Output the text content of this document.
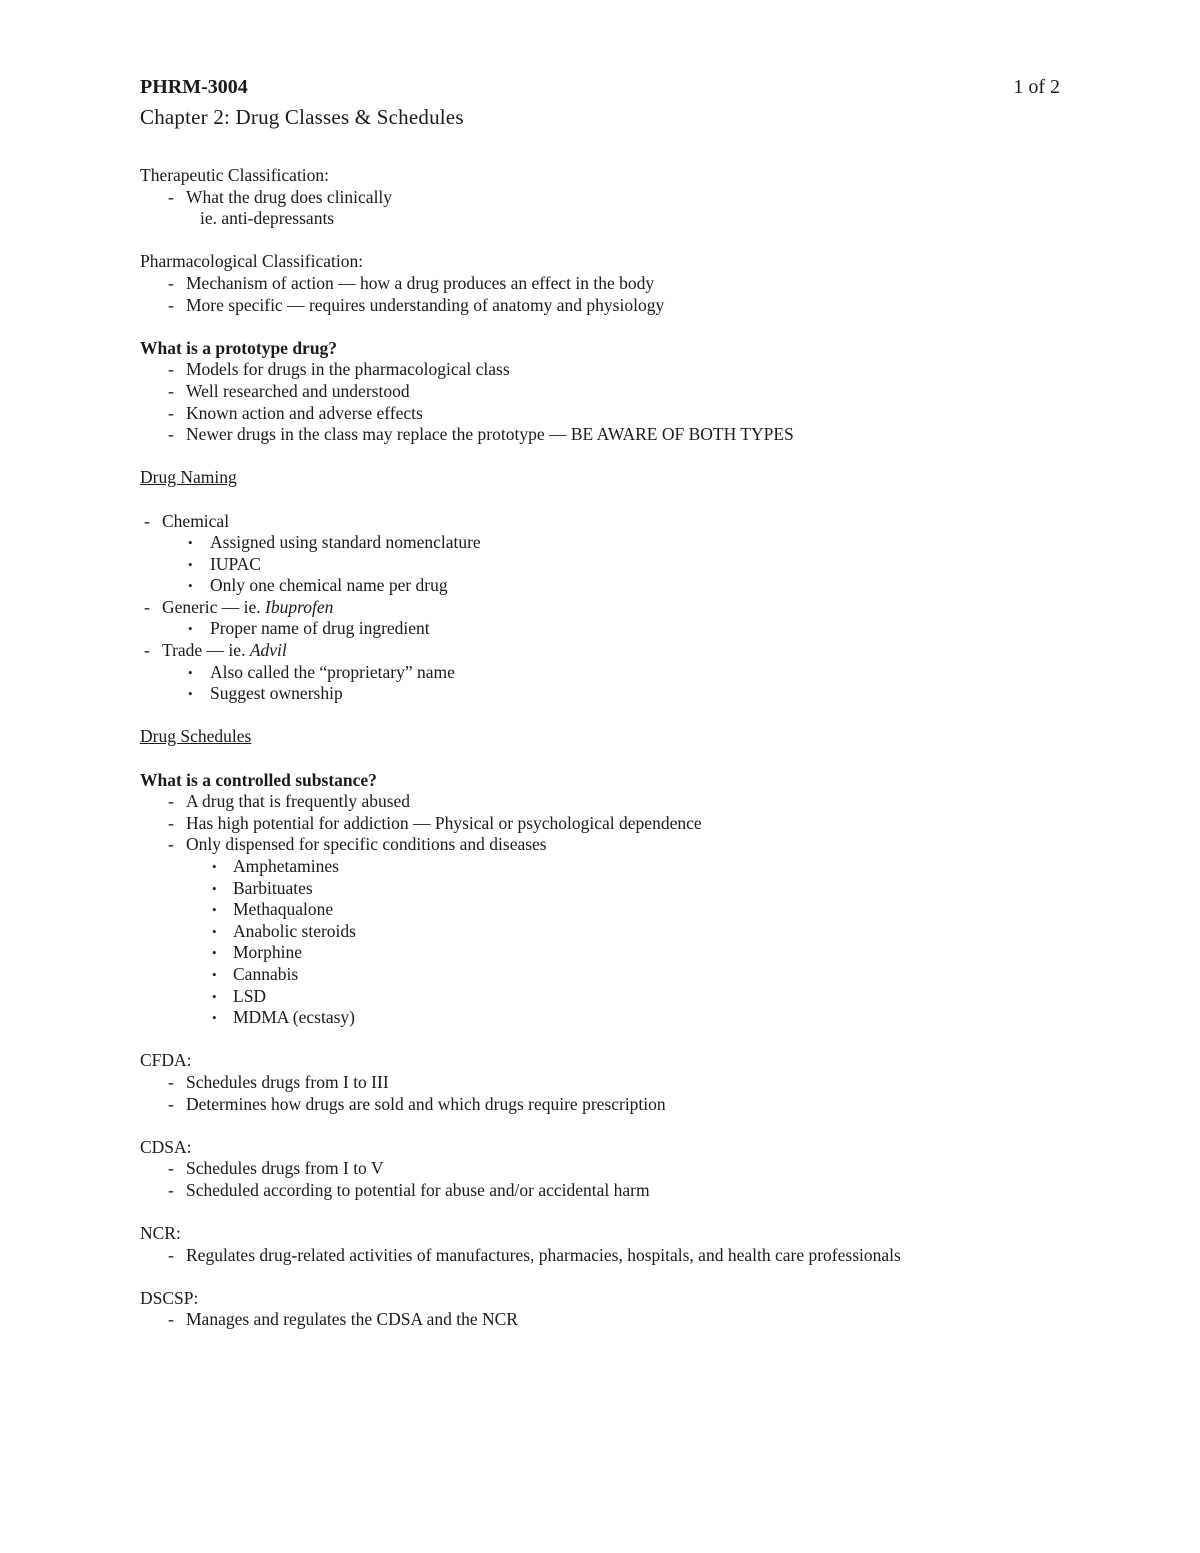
PHRM-3004	1 of 2
Chapter 2: Drug Classes & Schedules
Therapeutic Classification:
- What the drug does clinically
ie. anti-depressants
Pharmacological Classification:
- Mechanism of action — how a drug produces an effect in the body
- More specific — requires understanding of anatomy and physiology
What is a prototype drug?
- Models for drugs in the pharmacological class
- Well researched and understood
- Known action and adverse effects
- Newer drugs in the class may replace the prototype — BE AWARE OF BOTH TYPES
Drug Naming
- Chemical
• Assigned using standard nomenclature
• IUPAC
• Only one chemical name per drug
- Generic — ie. Ibuprofen
• Proper name of drug ingredient
- Trade — ie. Advil
• Also called the “proprietary” name
• Suggest ownership
Drug Schedules
What is a controlled substance?
- A drug that is frequently abused
- Has high potential for addiction — Physical or psychological dependence
- Only dispensed for specific conditions and diseases
• Amphetamines
• Barbituates
• Methaqualone
• Anabolic steroids
• Morphine
• Cannabis
• LSD
• MDMA (ecstasy)
CFDA:
- Schedules drugs from I to III
- Determines how drugs are sold and which drugs require prescription
CDSA:
- Schedules drugs from I to V
- Scheduled according to potential for abuse and/or accidental harm
NCR:
- Regulates drug-related activities of manufactures, pharmacies, hospitals, and health care professionals
DSCSP:
- Manages and regulates the CDSA and the NCR
